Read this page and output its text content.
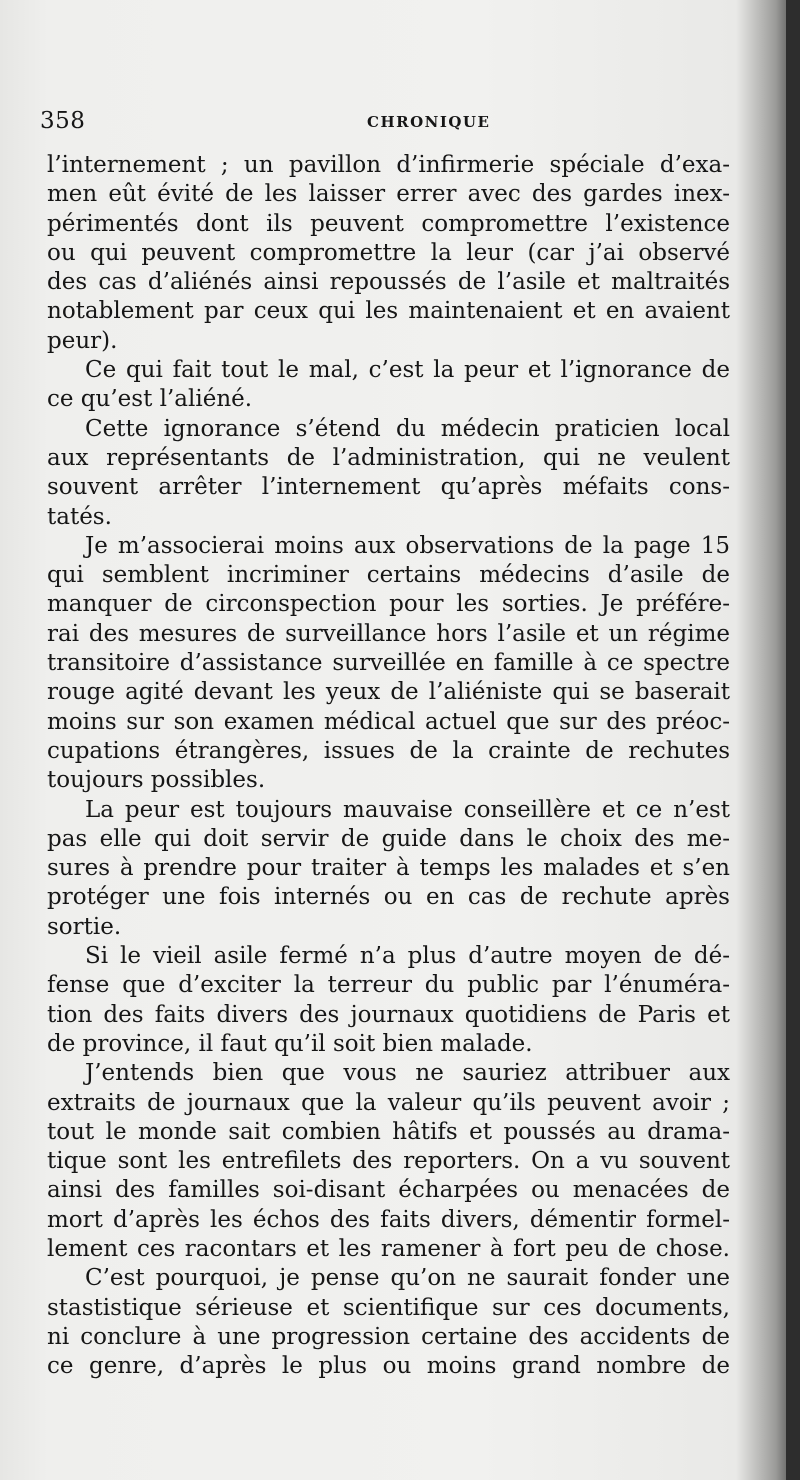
358	CHRONIQUE
l’internement ; un pavillon d’infirmerie spéciale d’exa-
men eût évité de les laisser errer avec des gardes inex-
périmentés dont ils peuvent compromettre l’existence
ou qui peuvent compromettre la leur (car j’ai observé
des cas d’aliénés ainsi repoussés de l’asile et maltraités
notablement par ceux qui les maintenaient et en avaient
peur).
Ce qui fait tout le mal, c’est la peur et l’ignorance de
ce qu’est l’aliéné.
Cette ignorance s’étend du médecin praticien local
aux représentants de l’administration, qui ne veulent
souvent arrêter l’internement qu’après méfaits cons-
tatés.
Je m’associerai moins aux observations de la page 15
qui semblent incriminer certains médecins d’asile de
manquer de circonspection pour les sorties. Je préfére-
rai des mesures de surveillance hors l’asile et un régime
transitoire d’assistance surveillée en famille à ce spectre
rouge agité devant les yeux de l’aliéniste qui se baserait
moins sur son examen médical actuel que sur des préoc-
cupations étrangères, issues de la crainte de rechutes
toujours possibles.
La peur est toujours mauvaise conseillère et ce n’est
pas elle qui doit servir de guide dans le choix des me-
sures à prendre pour traiter à temps les malades et s’en
protéger une fois internés ou en cas de rechute après
sortie.
Si le vieil asile fermé n’a plus d’autre moyen de dé-
fense que d’exciter la terreur du public par l’énuméra-
tion des faits divers des journaux quotidiens de Paris et
de province, il faut qu’il soit bien malade.
J’entends bien que vous ne sauriez attribuer aux
extraits de journaux que la valeur qu’ils peuvent avoir ;
tout le monde sait combien hâtifs et poussés au drama-
tique sont les entrefilets des reporters. On a vu souvent
ainsi des familles soi-disant écharpées ou menacées de
mort d’après les échos des faits divers, démentir formel-
lement ces racontars et les ramener à fort peu de chose.
C’est pourquoi, je pense qu’on ne saurait fonder une
stastistique sérieuse et scientifique sur ces documents,
ni conclure à une progression certaine des accidents de
ce genre, d’après le plus ou moins grand nombre de
